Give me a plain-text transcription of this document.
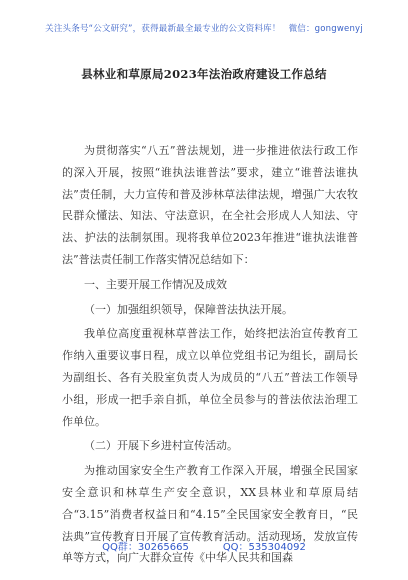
关注头条号“公文研究”，获得最新最全最专业的公文资料库！ 微信：gongwenyj
县林业和草原局2023年法治政府建设工作总结

为贯彻落实“八五”普法规划，进一步推进依法行政工作的深入开展，按照“谁执法谁普法”要求，建立“谁普法谁执法”责任制，大力宣传和普及涉林草法律法规，增强广大农牧民群众懂法、知法、守法意识，在全社会形成人人知法、守法、护法的法制氛围。现将我单位2023年推进“谁执法谁普法”普法责任制工作落实情况总结如下：

一、主要开展工作情况及成效

（一）加强组织领导，保障普法执法开展。

我单位高度重视林草普法工作，始终把法治宣传教育工作纳入重要议事日程，成立以单位党组书记为组长，副局长为副组长、各有关股室负责人为成员的“八五”普法工作领导小组，形成一把手亲自抓，单位全员参与的普法依法治理工作单位。

（二）开展下乡进村宣传活动。

为推动国家安全生产教育工作深入开展，增强全民国家安全意识和林草生产安全意识，XX县林业和草原局结合“3.15”消费者权益日和“4.15”全民国家安全教育日，“民法典”宣传教育日开展了宣传教育活动。活动现场，发放宣传单等方式，向广大群众宣传《中华人民共和国森

QQ群：30265665	QQ：535304092
